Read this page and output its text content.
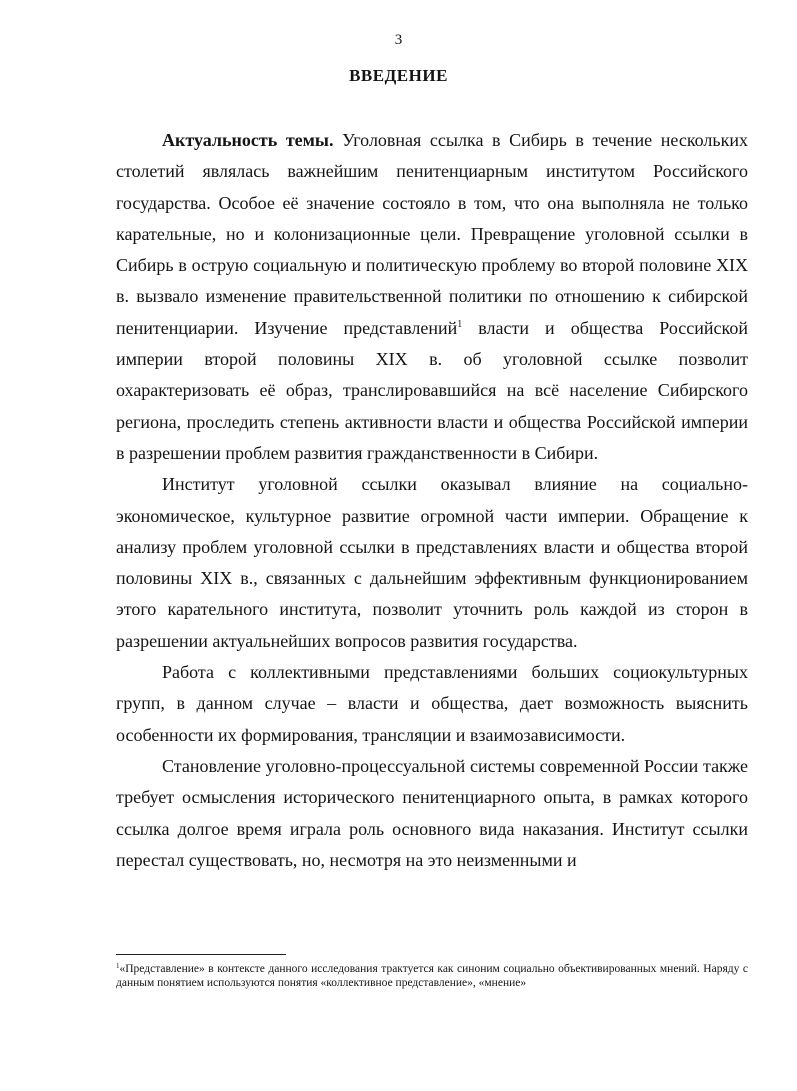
3
ВВЕДЕНИЕ

Актуальность темы. Уголовная ссылка в Сибирь в течение нескольких столетий являлась важнейшим пенитенциарным институтом Российского государства. Особое её значение состояло в том, что она выполняла не только карательные, но и колонизационные цели. Превращение уголовной ссылки в Сибирь в острую социальную и политическую проблему во второй половине XIX в. вызвало изменение правительственной политики по отношению к сибирской пенитенциарии. Изучение представлений$^1$ власти и общества Российской империи второй половины XIX в. об уголовной ссылке позволит охарактеризовать её образ, транслировавшийся на всё население Сибирского региона, проследить степень активности власти и общества Российской империи в разрешении проблем развития гражданственности в Сибири.

Институт уголовной ссылки оказывал влияние на социально-экономическое, культурное развитие огромной части империи. Обращение к анализу проблем уголовной ссылки в представлениях власти и общества второй половины XIX в., связанных с дальнейшим эффективным функционированием этого карательного института, позволит уточнить роль каждой из сторон в разрешении актуальнейших вопросов развития государства.

Работа с коллективными представлениями больших социокультурных групп, в данном случае – власти и общества, дает возможность выяснить особенности их формирования, трансляции и взаимозависимости.

Становление уголовно-процессуальной системы современной России также требует осмысления исторического пенитенциарного опыта, в рамках которого ссылка долгое время играла роль основного вида наказания. Институт ссылки перестал существовать, но, несмотря на это неизменными и

$^1$«Представление» в контексте данного исследования трактуется как синоним социально объективированных мнений. Наряду с данным понятием используются понятия «коллективное представление», «мнение»
